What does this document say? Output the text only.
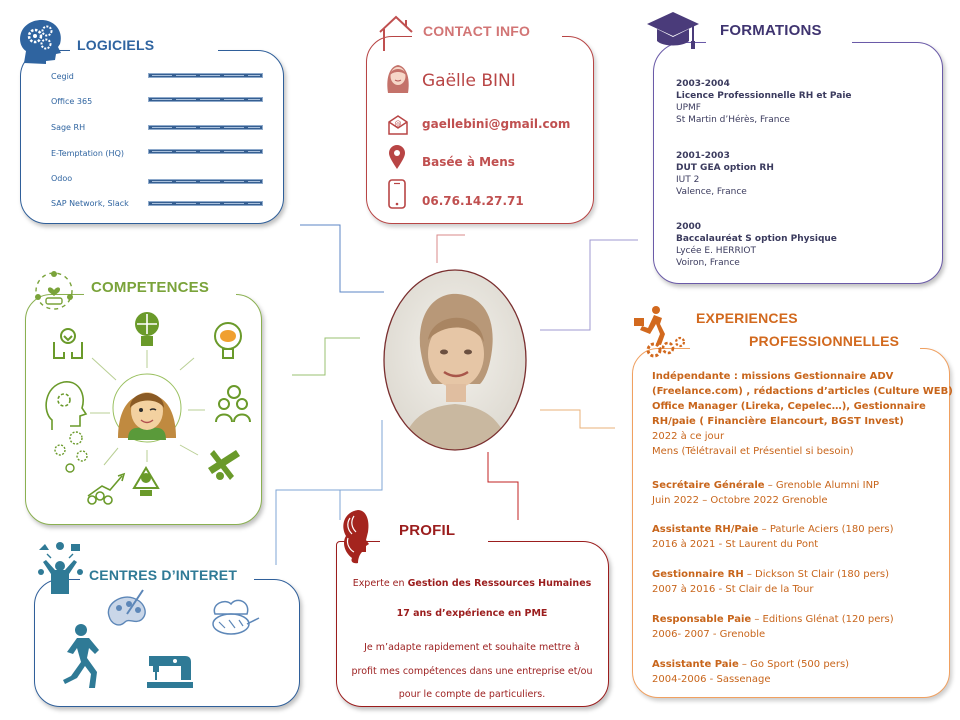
Cegid
Office 365
Sage RH
E-Temptation (HQ)
Odoo
SAP Network, Slack
LOGICIELS
Gaëlle BINI
@ gaellebini@gmail.com
Basée à Mens
06.76.14.27.71
CONTACT INFO
2003-2004
Licence Professionnelle RH et Paie
UPMF
St Martin d’Hérès, France
2001-2003
DUT GEA option RH
IUT 2
Valence, France
2000
Baccalauréat S option Physique
Lycée E. HERRIOT
Voiron, France
FORMATIONS
COMPETENCES
Indépendante : missions Gestionnaire ADV
(Freelance.com) , rédactions d’articles (Culture WEB)
Office Manager (Lireka, Cepelec…), Gestionnaire
RH/paie ( Financière Elancourt, BGST Invest)
2022 à ce jour
Mens (Télétravail et Présentiel si besoin)
Secrétaire Générale – Grenoble Alumni INP
Juin 2022 – Octobre 2022 Grenoble
Assistante RH/Paie – Paturle Aciers (180 pers)
2016 à 2021 - St Laurent du Pont
Gestionnaire RH – Dickson St Clair (180 pers)
2007 à 2016 - St Clair de la Tour
Responsable Paie – Editions Glénat (120 pers)
2006- 2007 - Grenoble
Assistante Paie – Go Sport (500 pers)
2004-2006 - Sassenage
EXPERIENCES
PROFESSIONNELLES
Experte en Gestion des Ressources Humaines
17 ans d’expérience en PME
Je m’adapte rapidement et souhaite mettre à
profit mes compétences dans une entreprise et/ou
pour le compte de particuliers.
PROFIL
CENTRES D’INTERET
